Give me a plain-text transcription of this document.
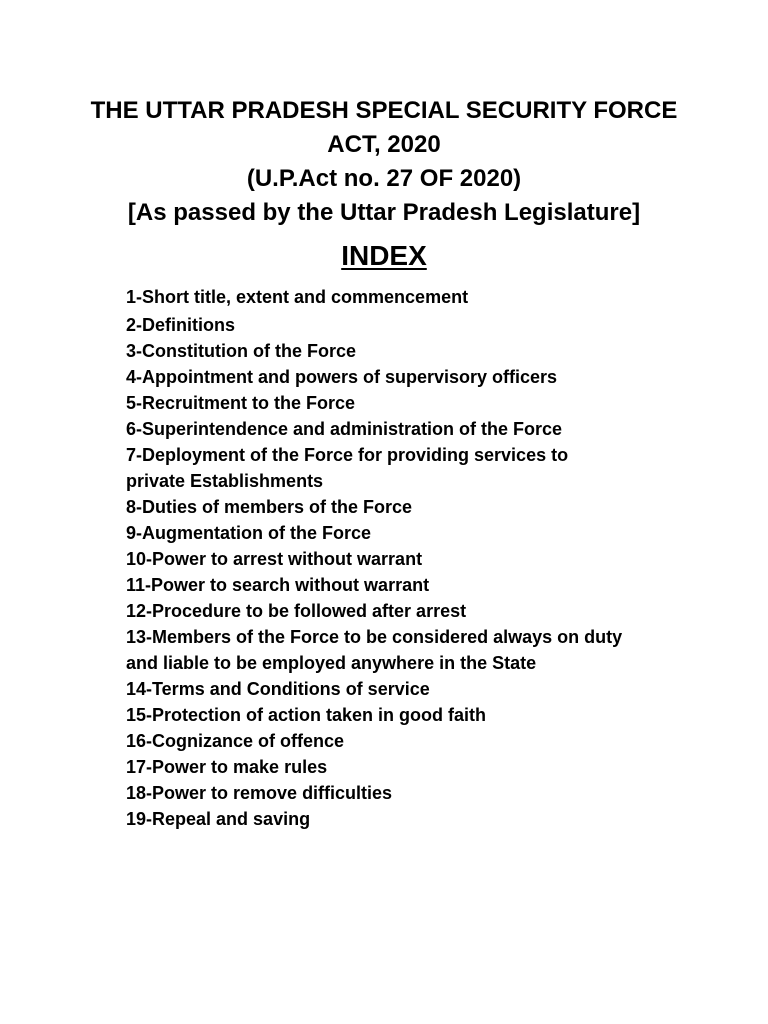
THE UTTAR PRADESH SPECIAL SECURITY FORCE
ACT, 2020
(U.P.Act no. 27 OF 2020)
[As passed by the Uttar Pradesh Legislature]
INDEX
1-Short title, extent and commencement
2-Definitions
3-Constitution of the Force
4-Appointment and powers of supervisory officers
5-Recruitment to the Force
6-Superintendence and administration of the Force
7-Deployment of the Force for providing services to
private Establishments
8-Duties of members of the Force
9-Augmentation of the Force
10-Power to arrest without warrant
11-Power to search without warrant
12-Procedure to be followed after arrest
13-Members of the Force to be considered always on duty
and liable to be employed anywhere in the State
14-Terms and Conditions of service
15-Protection of action taken in good faith
16-Cognizance of offence
17-Power to make rules
18-Power to remove difficulties
19-Repeal and saving
